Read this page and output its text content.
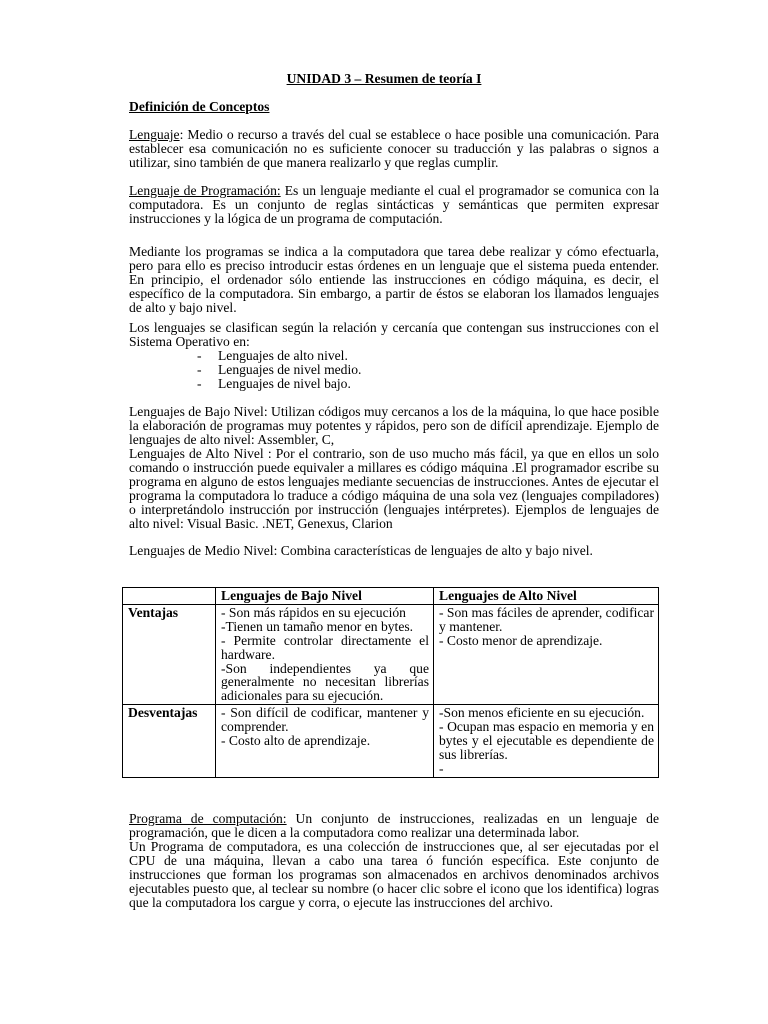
UNIDAD 3 – Resumen de teoría I

Definición de Conceptos

Lenguaje: Medio o recurso a través del cual se establece o hace posible una comunicación. Para establecer esa comunicación no es suficiente conocer su traducción y las palabras o signos a utilizar, sino también de que manera realizarlo y que reglas cumplir.

Lenguaje de Programación: Es un lenguaje mediante el cual el programador se comunica con la computadora. Es un conjunto de reglas sintácticas y semánticas que permiten expresar instrucciones y la lógica de un programa de computación.

Mediante los programas se indica a la computadora que tarea debe realizar y cómo efectuarla, pero para ello es preciso introducir estas órdenes en un lenguaje que el sistema pueda entender. En principio, el ordenador sólo entiende las instrucciones en código máquina, es decir, el específico de la computadora. Sin embargo, a partir de éstos se elaboran los llamados lenguajes de alto y bajo nivel.

Los lenguajes se clasifican según la relación y cercanía que contengan sus instrucciones con el Sistema Operativo en:

- Lenguajes de alto nivel.
- Lenguajes de nivel medio.
- Lenguajes de nivel bajo.

Lenguajes de Bajo Nivel: Utilizan códigos muy cercanos a los de la máquina, lo que hace posible la elaboración de programas muy potentes y rápidos, pero son de difícil aprendizaje. Ejemplo de lenguajes de alto nivel: Assembler, C,

Lenguajes de Alto Nivel : Por el contrario, son de uso mucho más fácil, ya que en ellos un solo comando o instrucción puede equivaler a millares es código máquina .El programador escribe su programa en alguno de estos lenguajes mediante secuencias de instrucciones. Antes de ejecutar el programa la computadora lo traduce a código máquina de una sola vez (lenguajes compiladores) o interpretándolo instrucción por instrucción (lenguajes intérpretes). Ejemplos de lenguajes de alto nivel: Visual Basic. .NET, Genexus, Clarion

Lenguajes de Medio Nivel: Combina características de lenguajes de alto y bajo nivel.

	Lenguajes de Bajo Nivel	Lenguajes de Alto Nivel
Ventajas	- Son más rápidos en su ejecución
-Tienen un tamaño menor en bytes.
- Permite controlar directamente el hardware.
-Son independientes ya que generalmente no necesitan librerías adicionales para su ejecución.	- Son mas fáciles de aprender, codificar y mantener.
- Costo menor de aprendizaje.

Desventajas	- Son difícil de codificar, mantener y comprender.
- Costo alto de aprendizaje.	-Son menos eficiente en su ejecución.
- Ocupan mas espacio en memoria y en bytes y el ejecutable es dependiente de sus librerías.
-

Programa de computación: Un conjunto de instrucciones, realizadas en un lenguaje de programación, que le dicen a la computadora como realizar una determinada labor.

Un Programa de computadora, es una colección de instrucciones que, al ser ejecutadas por el CPU de una máquina, llevan a cabo una tarea ó función específica. Este conjunto de instrucciones que forman los programas son almacenados en archivos denominados archivos ejecutables puesto que, al teclear su nombre (o hacer clic sobre el icono que los identifica) logras que la computadora los cargue y corra, o ejecute las instrucciones del archivo.
